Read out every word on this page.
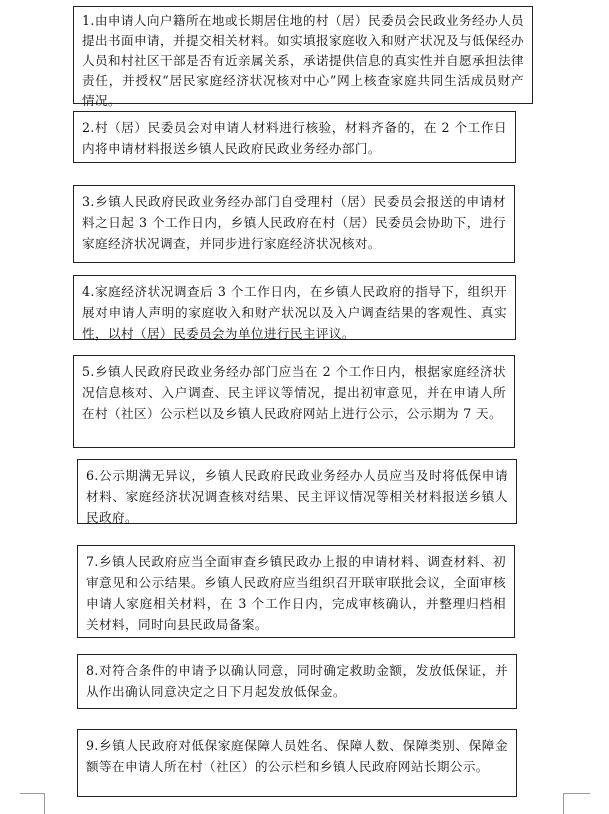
1.由申请人向户籍所在地或长期居住地的村（居）民委员会民政业务经办人员提出书面申请，并提交相关材料。如实填报家庭收入和财产状况及与低保经办人员和村社区干部是否有近亲属关系，承诺提供信息的真实性并自愿承担法律责任，并授权“居民家庭经济状况核对中心”网上核查家庭共同生活成员财产情况。

2.村（居）民委员会对申请人材料进行核验，材料齐备的，在 2 个工作日内将申请材料报送乡镇人民政府民政业务经办部门。

3.乡镇人民政府民政业务经办部门自受理村（居）民委员会报送的申请材料之日起 3 个工作日内，乡镇人民政府在村（居）民委员会协助下，进行家庭经济状况调查，并同步进行家庭经济状况核对。

4.家庭经济状况调查后 3 个工作日内，在乡镇人民政府的指导下，组织开展对申请人声明的家庭收入和财产状况以及入户调查结果的客观性、真实性，以村（居）民委员会为单位进行民主评议。

5.乡镇人民政府民政业务经办部门应当在 2 个工作日内，根据家庭经济状况信息核对、入户调查、民主评议等情况，提出初审意见，并在申请人所在村（社区）公示栏以及乡镇人民政府网站上进行公示，公示期为 7 天。

6.公示期满无异议，乡镇人民政府民政业务经办人员应当及时将低保申请材料、家庭经济状况调查核对结果、民主评议情况等相关材料报送乡镇人民政府。

7.乡镇人民政府应当全面审查乡镇民政办上报的申请材料、调查材料、初审意见和公示结果。乡镇人民政府应当组织召开联审联批会议，全面审核申请人家庭相关材料，在 3 个工作日内，完成审核确认，并整理归档相关材料，同时向县民政局备案。

8.对符合条件的申请予以确认同意，同时确定救助金额，发放低保证，并从作出确认同意决定之日下月起发放低保金。

9.乡镇人民政府对低保家庭保障人员姓名、保障人数、保障类别、保障金额等在申请人所在村（社区）的公示栏和乡镇人民政府网站长期公示。
